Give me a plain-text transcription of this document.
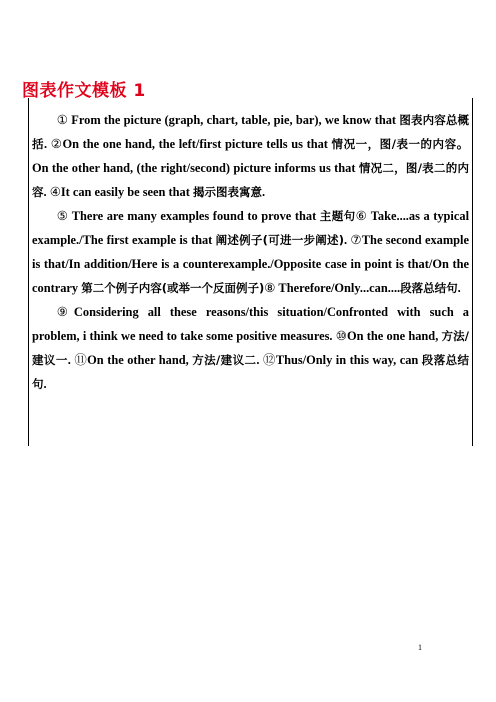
图表作文模板 1

① From the picture (graph, chart, table, pie, bar), we know that 图表内容总概括. ②On the one hand, the left/first picture tells us that 情况一，图/表一的内容。On the other hand, (the right/second) picture informs us that 情况二，图/表二的内容. ④It can easily be seen that 揭示图表寓意.

⑤ There are many examples found to prove that 主题句⑥ Take....as a typical example./The first example is that 阐述例子(可进一步阐述). ⑦The second example is that/In addition/Here is a counterexample./Opposite case in point is that/On the contrary 第二个例子内容(或举一个反面例子)⑧ Therefore/Only...can....段落总结句.

⑨Considering all these reasons/this situation/Confronted with such a problem, i think we need to take some positive measures. ⑩On the one hand, 方法/建议一. ⑪On the other hand, 方法/建议二. ⑫Thus/Only in this way, can 段落总结句.

1
